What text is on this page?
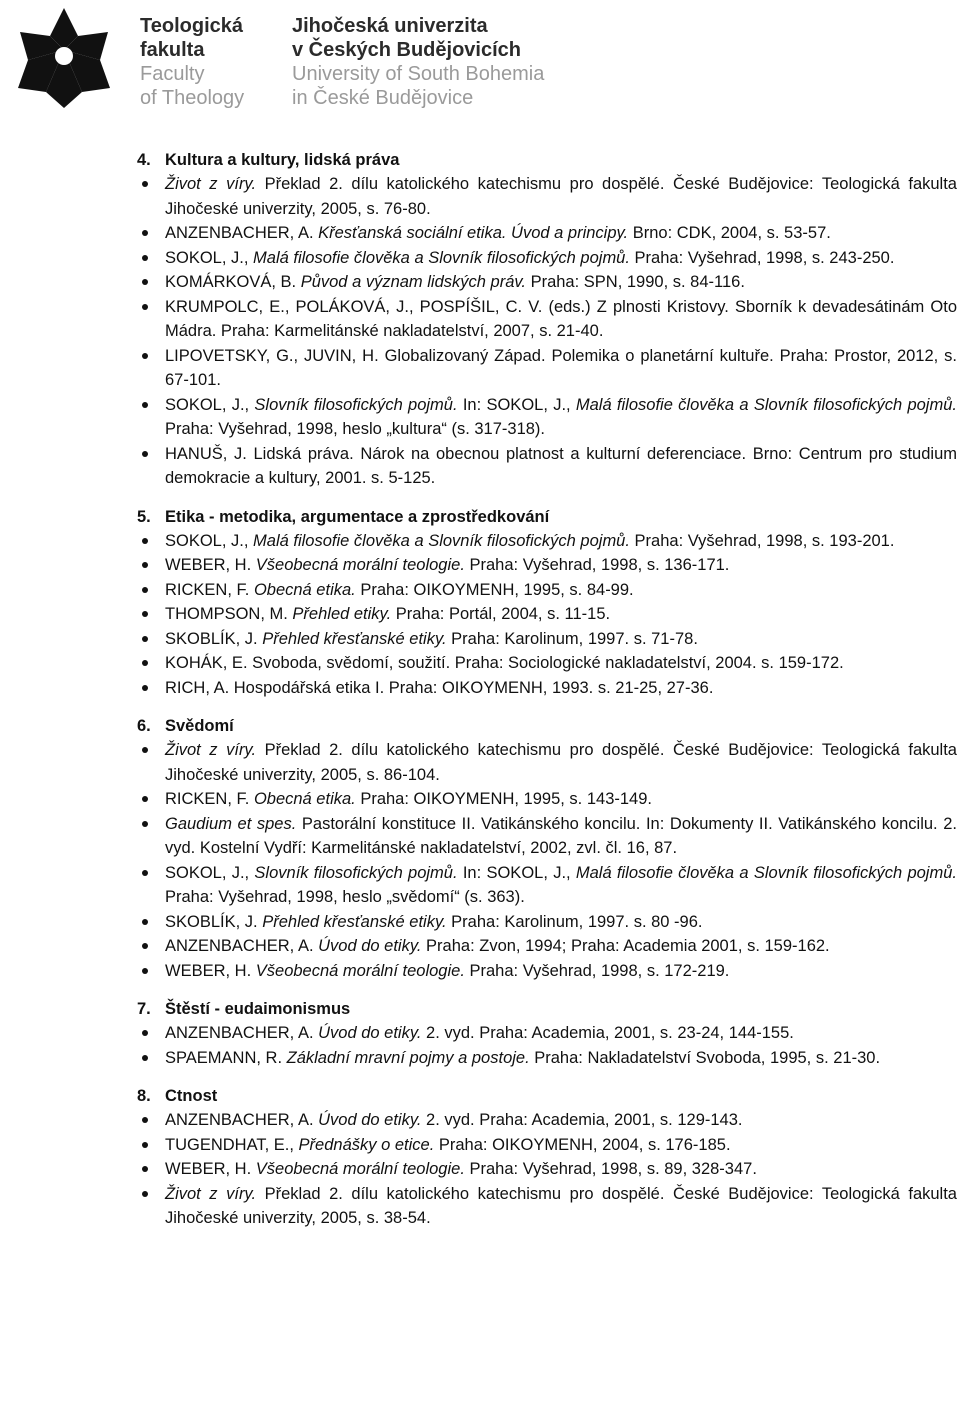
Teologická
fakulta
Faculty
of Theology
Jihočeská univerzita
v Českých Budějovicích
University of South Bohemia
in České Budějovice
4. Kultura a kultury, lidská práva
Život z víry. Překlad 2. dílu katolického katechismu pro dospělé. České Budějovice: Teologická fakulta Jihočeské univerzity, 2005, s. 76-80.
ANZENBACHER, A. Křesťanská sociální etika. Úvod a principy. Brno: CDK, 2004, s. 53-57.
SOKOL, J., Malá filosofie člověka a Slovník filosofických pojmů. Praha: Vyšehrad, 1998, s. 243-250.
KOMÁRKOVÁ, B. Původ a význam lidských práv. Praha: SPN, 1990, s. 84-116.
KRUMPOLC, E., POLÁKOVÁ, J., POSPÍŠIL, C. V. (eds.) Z plnosti Kristovy. Sborník k devadesátinám Oto Mádra. Praha: Karmelitánské nakladatelství, 2007, s. 21-40.
LIPOVETSKY, G., JUVIN, H. Globalizovaný Západ. Polemika o planetární kultuře. Praha: Prostor, 2012, s. 67-101.
SOKOL, J., Slovník filosofických pojmů. In: SOKOL, J., Malá filosofie člověka a Slovník filosofických pojmů. Praha: Vyšehrad, 1998, heslo „kultura“ (s. 317-318).
HANUŠ, J. Lidská práva. Nárok na obecnou platnost a kulturní deferenciace. Brno: Centrum pro studium demokracie a kultury, 2001. s. 5-125.
5. Etika - metodika, argumentace a zprostředkování
SOKOL, J., Malá filosofie člověka a Slovník filosofických pojmů. Praha: Vyšehrad, 1998, s. 193-201.
WEBER, H. Všeobecná morální teologie. Praha: Vyšehrad, 1998, s. 136-171.
RICKEN, F. Obecná etika. Praha: OIKOYMENH, 1995, s. 84-99.
THOMPSON, M. Přehled etiky. Praha: Portál, 2004, s. 11-15.
SKOBLÍK, J. Přehled křesťanské etiky. Praha: Karolinum, 1997. s. 71-78.
KOHÁK, E. Svoboda, svědomí, soužití. Praha: Sociologické nakladatelství, 2004. s. 159-172.
RICH, A. Hospodářská etika I. Praha: OIKOYMENH, 1993. s. 21-25, 27-36.
6. Svědomí
Život z víry. Překlad 2. dílu katolického katechismu pro dospělé. České Budějovice: Teologická fakulta Jihočeské univerzity, 2005, s. 86-104.
RICKEN, F. Obecná etika. Praha: OIKOYMENH, 1995, s. 143-149.
Gaudium et spes. Pastorální konstituce II. Vatikánského koncilu. In: Dokumenty II. Vatikánského koncilu. 2. vyd. Kostelní Vydří: Karmelitánské nakladatelství, 2002, zvl. čl. 16, 87.
SOKOL, J., Slovník filosofických pojmů. In: SOKOL, J., Malá filosofie člověka a Slovník filosofických pojmů. Praha: Vyšehrad, 1998, heslo „svědomí“ (s. 363).
SKOBLÍK, J. Přehled křesťanské etiky. Praha: Karolinum, 1997. s. 80 -96.
ANZENBACHER, A. Úvod do etiky. Praha: Zvon, 1994; Praha: Academia 2001, s. 159-162.
WEBER, H. Všeobecná morální teologie. Praha: Vyšehrad, 1998, s. 172-219.
7. Štěstí - eudaimonismus
ANZENBACHER, A. Úvod do etiky. 2. vyd. Praha: Academia, 2001, s. 23-24, 144-155.
SPAEMANN, R. Základní mravní pojmy a postoje. Praha: Nakladatelství Svoboda, 1995, s. 21-30.
8. Ctnost
ANZENBACHER, A. Úvod do etiky. 2. vyd. Praha: Academia, 2001, s. 129-143.
TUGENDHAT, E., Přednášky o etice. Praha: OIKOYMENH, 2004, s. 176-185.
WEBER, H. Všeobecná morální teologie. Praha: Vyšehrad, 1998, s. 89, 328-347.
Život z víry. Překlad 2. dílu katolického katechismu pro dospělé. České Budějovice: Teologická fakulta Jihočeské univerzity, 2005, s. 38-54.
